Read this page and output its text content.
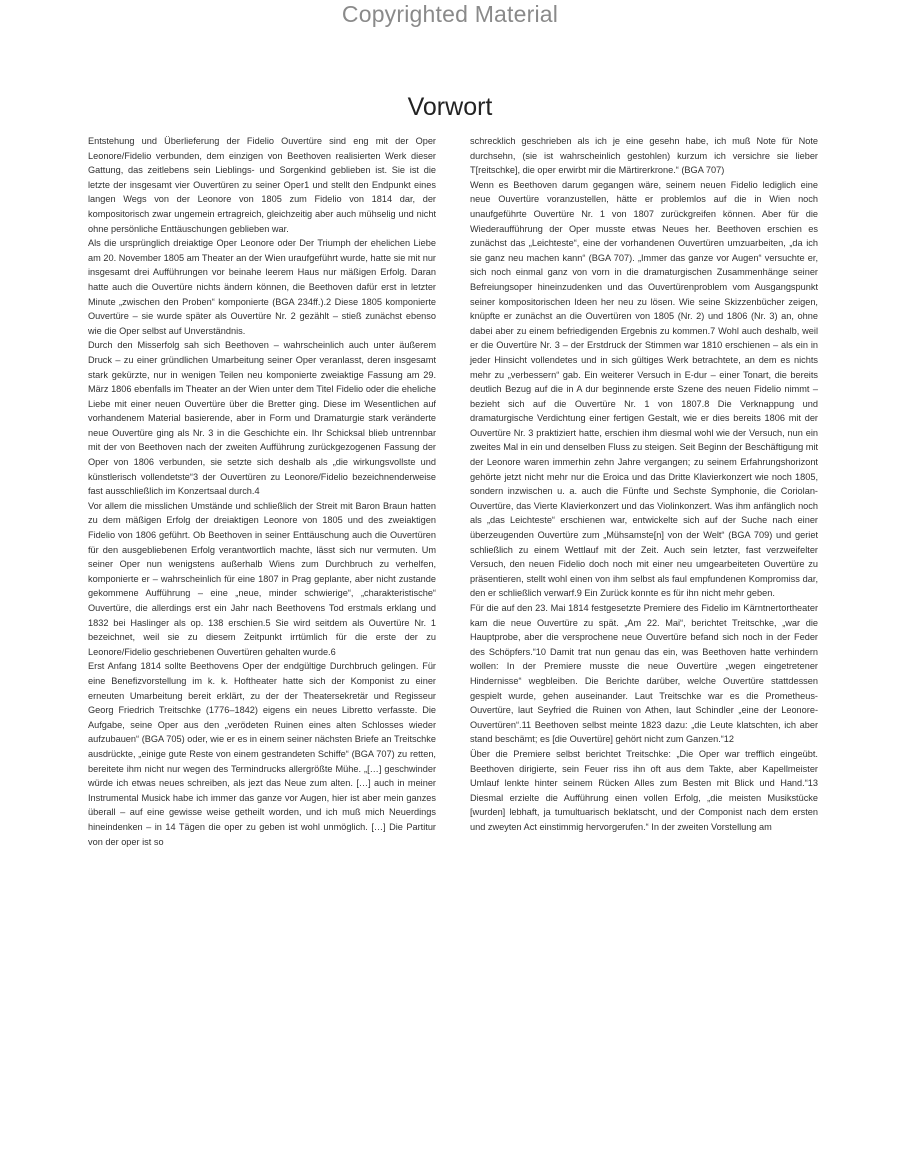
Copyrighted Material
Vorwort

Entstehung und Überlieferung der Fidelio Ouvertüre sind eng mit der Oper Leonore/Fidelio verbunden, dem einzigen von Beethoven realisierten Werk dieser Gattung, das zeitlebens sein Lieblings- und Sorgenkind geblieben ist. Sie ist die letzte der insgesamt vier Ouvertüren zu seiner Oper1 und stellt den Endpunkt eines langen Wegs von der Leonore von 1805 zum Fidelio von 1814 dar, der kompositorisch zwar ungemein ertragreich, gleichzeitig aber auch mühselig und nicht ohne persönliche Enttäuschungen geblieben war.

Als die ursprünglich dreiaktige Oper Leonore oder Der Triumph der ehelichen Liebe am 20. November 1805 am Theater an der Wien uraufgeführt wurde, hatte sie mit nur insgesamt drei Aufführungen vor beinahe leerem Haus nur mäßigen Erfolg. Daran hatte auch die Ouvertüre nichts ändern können, die Beethoven dafür erst in letzter Minute „zwischen den Proben“ komponierte (BGA 234ff.).2 Diese 1805 komponierte Ouvertüre – sie wurde später als Ouvertüre Nr. 2 gezählt – stieß zunächst ebenso wie die Oper selbst auf Unverständnis.

Durch den Misserfolg sah sich Beethoven – wahrscheinlich auch unter äußerem Druck – zu einer gründlichen Umarbeitung seiner Oper veranlasst, deren insgesamt stark gekürzte, nur in wenigen Teilen neu komponierte zweiaktige Fassung am 29. März 1806 ebenfalls im Theater an der Wien unter dem Titel Fidelio oder die eheliche Liebe mit einer neuen Ouvertüre über die Bretter ging. Diese im Wesentlichen auf vorhandenem Material basierende, aber in Form und Dramaturgie stark veränderte neue Ouvertüre ging als Nr. 3 in die Geschichte ein. Ihr Schicksal blieb untrennbar mit der von Beethoven nach der zweiten Aufführung zurückgezogenen Fassung der Oper von 1806 verbunden, sie setzte sich deshalb als „die wirkungsvollste und künstlerisch vollendetste“3 der Ouvertüren zu Leonore/Fidelio bezeichnenderweise fast ausschließlich im Konzertsaal durch.4

Vor allem die misslichen Umstände und schließlich der Streit mit Baron Braun hatten zu dem mäßigen Erfolg der dreiaktigen Leonore von 1805 und des zweiaktigen Fidelio von 1806 geführt. Ob Beethoven in seiner Enttäuschung auch die Ouvertüren für den ausgebliebenen Erfolg verantwortlich machte, lässt sich nur vermuten. Um seiner Oper nun wenigstens außerhalb Wiens zum Durchbruch zu verhelfen, komponierte er – wahrscheinlich für eine 1807 in Prag geplante, aber nicht zustande gekommene Aufführung – eine „neue, minder schwierige“, „charakteristische“ Ouvertüre, die allerdings erst ein Jahr nach Beethovens Tod erstmals erklang und 1832 bei Haslinger als op. 138 erschien.5 Sie wird seitdem als Ouvertüre Nr. 1 bezeichnet, weil sie zu diesem Zeitpunkt irrtümlich für die erste der zu Leonore/Fidelio geschriebenen Ouvertüren gehalten wurde.6

Erst Anfang 1814 sollte Beethovens Oper der endgültige Durchbruch gelingen. Für eine Benefizvorstellung im k. k. Hoftheater hatte sich der Komponist zu einer erneuten Umarbeitung bereit erklärt, zu der der Theatersekretär und Regisseur Georg Friedrich Treitschke (1776–1842) eigens ein neues Libretto verfasste. Die Aufgabe, seine Oper aus den „verödeten Ruinen eines alten Schlosses wieder aufzubauen“ (BGA 705) oder, wie er es in einem seiner nächsten Briefe an Treitschke ausdrückte, „einige gute Reste von einem gestrandeten Schiffe“ (BGA 707) zu retten, bereitete ihm nicht nur wegen des Termindrucks allergrößte Mühe. „[…] geschwinder würde ich etwas neues schreiben, als jezt das Neue zum alten. […] auch in meiner Instrumental Musick habe ich immer das ganze vor Augen, hier ist aber mein ganzes überall – auf eine gewisse weise getheilt worden, und ich muß mich Neuerdings hineindenken – in 14 Tägen die oper zu geben ist wohl unmöglich. […] Die Partitur von der oper ist so

schrecklich geschrieben als ich je eine gesehn habe, ich muß Note für Note durchsehn, (sie ist wahrscheinlich gestohlen) kurzum ich versichre sie lieber T[reitschke], die oper erwirbt mir die Märtirerkrone.“ (BGA 707)

Wenn es Beethoven darum gegangen wäre, seinem neuen Fidelio lediglich eine neue Ouvertüre voranzustellen, hätte er problemlos auf die in Wien noch unaufgeführte Ouvertüre Nr. 1 von 1807 zurückgreifen können. Aber für die Wiederaufführung der Oper musste etwas Neues her. Beethoven erschien es zunächst das „Leichteste“, eine der vorhandenen Ouvertüren umzuarbeiten, „da ich sie ganz neu machen kann“ (BGA 707). „Immer das ganze vor Augen“ versuchte er, sich noch einmal ganz von vorn in die dramaturgischen Zusammenhänge seiner Befreiungsoper hineinzudenken und das Ouvertürenproblem vom Ausgangspunkt seiner kompositorischen Ideen her neu zu lösen. Wie seine Skizzenbücher zeigen, knüpfte er zunächst an die Ouvertüren von 1805 (Nr. 2) und 1806 (Nr. 3) an, ohne dabei aber zu einem befriedigenden Ergebnis zu kommen.7 Wohl auch deshalb, weil er die Ouvertüre Nr. 3 – der Erstdruck der Stimmen war 1810 erschienen – als ein in jeder Hinsicht vollendetes und in sich gültiges Werk betrachtete, an dem es nichts mehr zu „verbessern“ gab. Ein weiterer Versuch in E-dur – einer Tonart, die bereits deutlich Bezug auf die in A dur beginnende erste Szene des neuen Fidelio nimmt – bezieht sich auf die Ouvertüre Nr. 1 von 1807.8 Die Verknappung und dramaturgische Verdichtung einer fertigen Gestalt, wie er dies bereits 1806 mit der Ouvertüre Nr. 3 praktiziert hatte, erschien ihm diesmal wohl wie der Versuch, nun ein zweites Mal in ein und denselben Fluss zu steigen. Seit Beginn der Beschäftigung mit der Leonore waren immerhin zehn Jahre vergangen; zu seinem Erfahrungshorizont gehörte jetzt nicht mehr nur die Eroica und das Dritte Klavierkonzert wie noch 1805, sondern inzwischen u. a. auch die Fünfte und Sechste Symphonie, die Coriolan-Ouvertüre, das Vierte Klavierkonzert und das Violinkonzert. Was ihm anfänglich noch als „das Leichteste“ erschienen war, entwickelte sich auf der Suche nach einer überzeugenden Ouvertüre zum „Mühsamste[n] von der Welt“ (BGA 709) und geriet schließlich zu einem Wettlauf mit der Zeit. Auch sein letzter, fast verzweifelter Versuch, den neuen Fidelio doch noch mit einer neu umgearbeiteten Ouvertüre zu präsentieren, stellt wohl einen von ihm selbst als faul empfundenen Kompromiss dar, den er schließlich verwarf.9 Ein Zurück konnte es für ihn nicht mehr geben.

Für die auf den 23. Mai 1814 festgesetzte Premiere des Fidelio im Kärntnertortheater kam die neue Ouvertüre zu spät. „Am 22. Mai“, berichtet Treitschke, „war die Hauptprobe, aber die versprochene neue Ouvertüre befand sich noch in der Feder des Schöpfers.“10 Damit trat nun genau das ein, was Beethoven hatte verhindern wollen: In der Premiere musste die neue Ouvertüre „wegen eingetretener Hindernisse“ wegbleiben. Die Berichte darüber, welche Ouvertüre stattdessen gespielt wurde, gehen auseinander. Laut Treitschke war es die Prometheus-Ouvertüre, laut Seyfried die Ruinen von Athen, laut Schindler „eine der Leonore-Ouvertüren“.11 Beethoven selbst meinte 1823 dazu: „die Leute klatschten, ich aber stand beschämt; es [die Ouvertüre] gehört nicht zum Ganzen.“12

Über die Premiere selbst berichtet Treitschke: „Die Oper war trefflich eingeübt. Beethoven dirigierte, sein Feuer riss ihn oft aus dem Takte, aber Kapellmeister Umlauf lenkte hinter seinem Rücken Alles zum Besten mit Blick und Hand.“13 Diesmal erzielte die Aufführung einen vollen Erfolg, „die meisten Musikstücke [wurden] lebhaft, ja tumultuarisch beklatscht, und der Componist nach dem ersten und zweyten Act einstimmig hervorgerufen.“ In der zweiten Vorstellung am
